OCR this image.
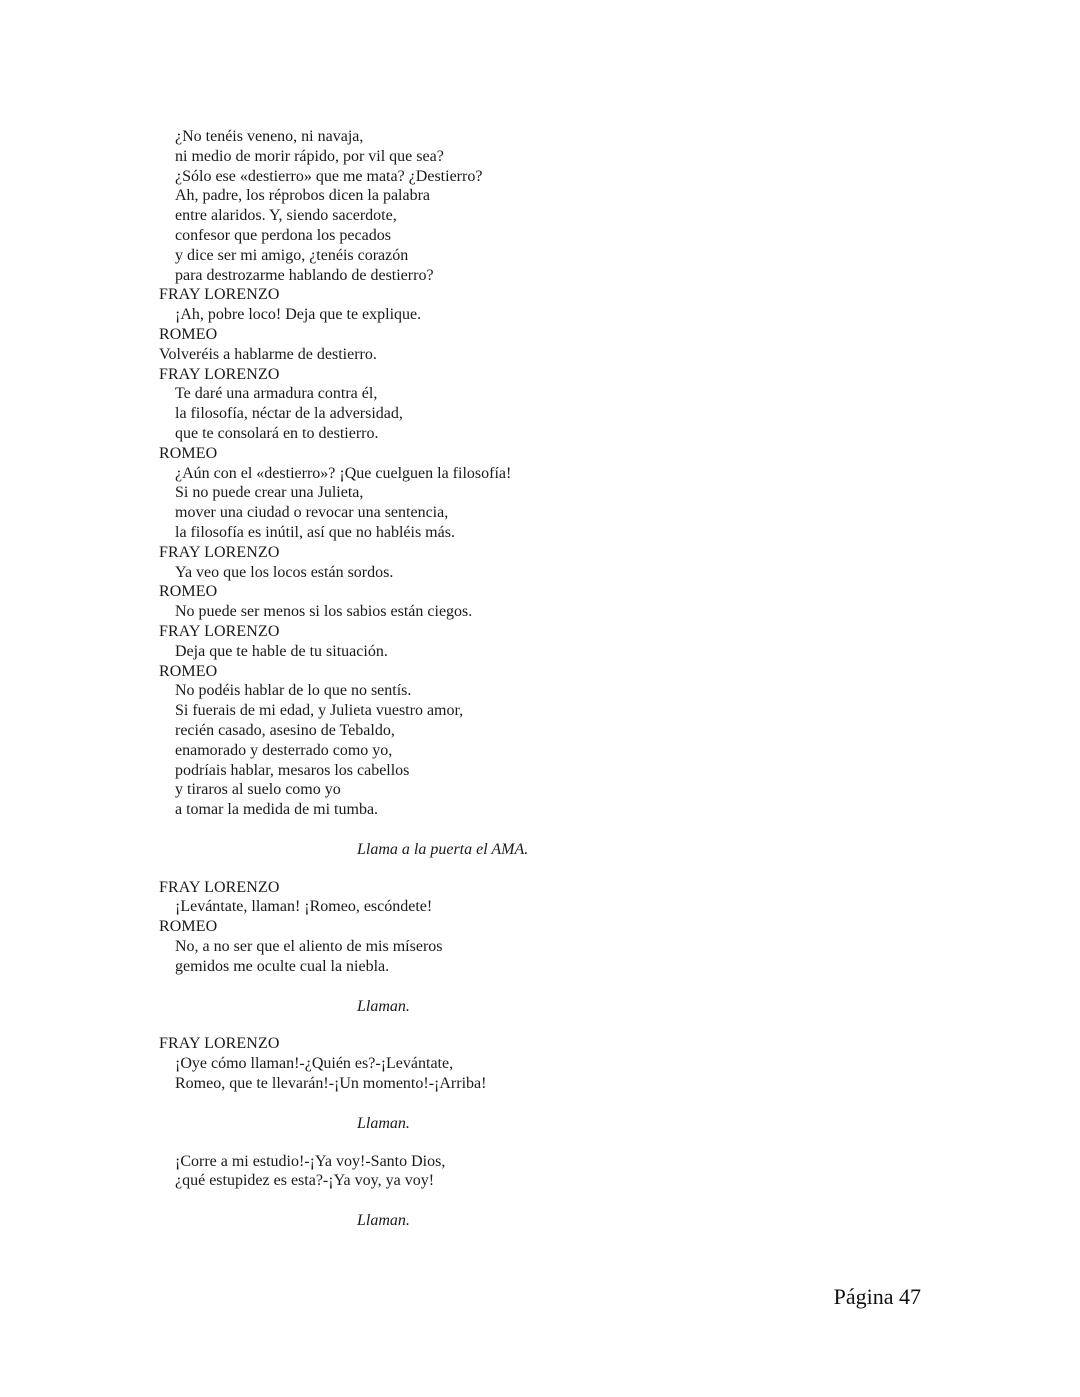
¿No tenéis veneno, ni navaja,
ni medio de morir rápido, por vil que sea?
¿Sólo ese «destierro» que me mata? ¿Destierro?
Ah, padre, los réprobos dicen la palabra
entre alaridos. Y, siendo sacerdote,
confesor que perdona los pecados
y dice ser mi amigo, ¿tenéis corazón
para destrozarme hablando de destierro?
FRAY LORENZO
¡Ah, pobre loco! Deja que te explique.
ROMEO
Volveréis a hablarme de destierro.
FRAY LORENZO
Te daré una armadura contra él,
la filosofía, néctar de la adversidad,
que te consolará en to destierro.
ROMEO
¿Aún con el «destierro»? ¡Que cuelguen la filosofía!
Si no puede crear una Julieta,
mover una ciudad o revocar una sentencia,
la filosofía es inútil, así que no habléis más.
FRAY LORENZO
Ya veo que los locos están sordos.
ROMEO
No puede ser menos si los sabios están ciegos.
FRAY LORENZO
Deja que te hable de tu situación.
ROMEO
No podéis hablar de lo que no sentís.
Si fuerais de mi edad, y Julieta vuestro amor,
recién casado, asesino de Tebaldo,
enamorado y desterrado como yo,
podríais hablar, mesaros los cabellos
y tiraros al suelo como yo
a tomar la medida de mi tumba.
Llama a la puerta el AMA.
FRAY LORENZO
¡Levántate, llaman! ¡Romeo, escóndete!
ROMEO
No, a no ser que el aliento de mis míseros
gemidos me oculte cual la niebla.
Llaman.
FRAY LORENZO
¡Oye cómo llaman!-¿Quién es?-¡Levántate,
Romeo, que te llevarán!-¡Un momento!-¡Arriba!
Llaman.
¡Corre a mi estudio!-¡Ya voy!-Santo Dios,
¿qué estupidez es esta?-¡Ya voy, ya voy!
Llaman.
Página 47
